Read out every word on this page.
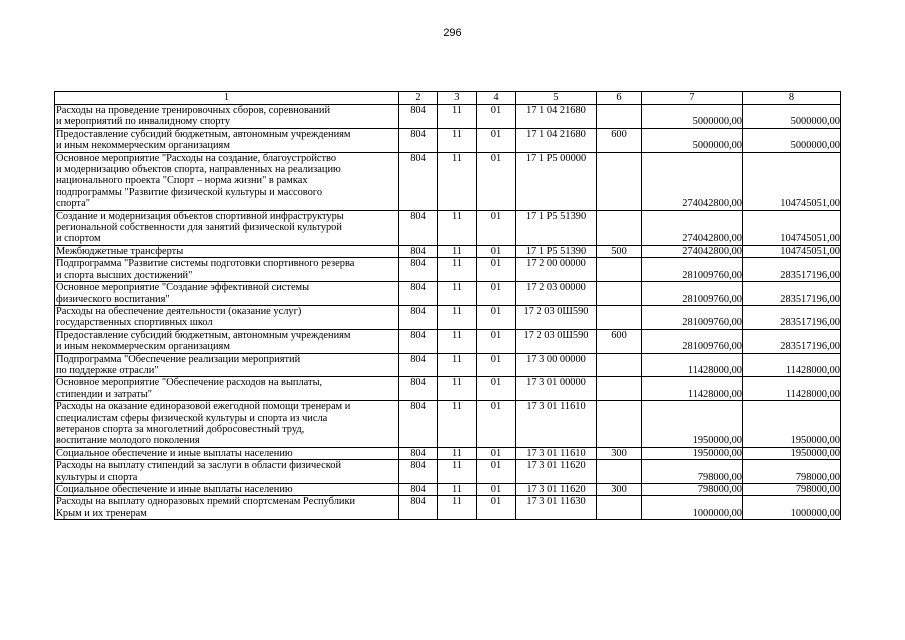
296
1	2	3	4	5	6	7	8

Расходы на проведение тренировочных сборов, соревнований
и мероприятий по инвалидному спорту	804	11	01	17 1 04 21680		5000000,00	5000000,00

Предоставление субсидий бюджетным, автономным учреждениям
и иным некоммерческим организациям	804	11	01	17 1 04 21680	600	5000000,00	5000000,00

Основное мероприятие "Расходы на создание, благоустройство
и модернизацию объектов спорта, направленных на реализацию
национального проекта "Спорт – норма жизни" в рамках
подпрограммы "Развитие физической культуры и массового
спорта"	804	11	01	17 1 P5 00000		274042800,00	104745051,00

Создание и модернизация объектов спортивной инфраструктуры
региональной собственности для занятий физической культурой
и спортом	804	11	01	17 1 P5 51390		274042800,00	104745051,00

Межбюджетные трансферты	804	11	01	17 1 P5 51390	500	274042800,00	104745051,00

Подпрограмма "Развитие системы подготовки спортивного резерва
и спорта высших достижений"	804	11	01	17 2 00 00000		281009760,00	283517196,00

Основное мероприятие "Создание эффективной системы
физического воспитания"	804	11	01	17 2 03 00000		281009760,00	283517196,00

Расходы на обеспечение деятельности (оказание услуг)
государственных спортивных школ	804	11	01	17 2 03 0Ш590		281009760,00	283517196,00

Предоставление субсидий бюджетным, автономным учреждениям
и иным некоммерческим организациям	804	11	01	17 2 03 0Ш590	600	281009760,00	283517196,00

Подпрограмма "Обеспечение реализации мероприятий
по поддержке отрасли"	804	11	01	17 3 00 00000		11428000,00	11428000,00

Основное мероприятие "Обеспечение расходов на выплаты,
стипендии и затраты"	804	11	01	17 3 01 00000		11428000,00	11428000,00

Расходы на оказание единоразовой ежегодной помощи тренерам и
специалистам сферы физической культуры и спорта из числа
ветеранов спорта за многолетний добросовестный труд,
воспитание молодого поколения	804	11	01	17 3 01 11610		1950000,00	1950000,00

Социальное обеспечение и иные выплаты населению	804	11	01	17 3 01 11610	300	1950000,00	1950000,00

Расходы на выплату стипендий за заслуги в области физической
культуры и спорта	804	11	01	17 3 01 11620		798000,00	798000,00

Социальное обеспечение и иные выплаты населению	804	11	01	17 3 01 11620	300	798000,00	798000,00

Расходы на выплату одноразовых премий спортсменам Республики
Крым и их тренерам	804	11	01	17 3 01 11630		1000000,00	1000000,00
